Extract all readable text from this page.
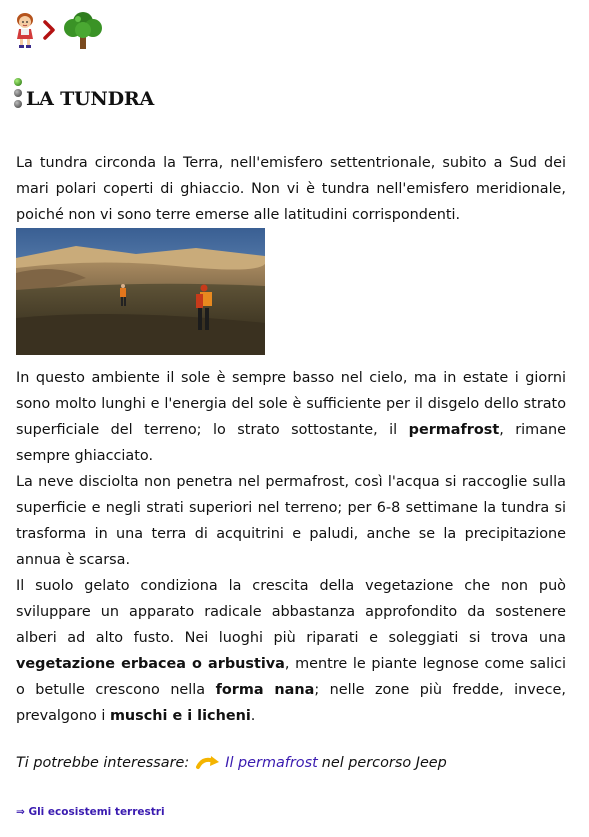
LA TUNDRA

La tundra circonda la Terra, nell'emisfero settentrionale, subito a Sud dei mari polari coperti di ghiaccio. Non vi è tundra nell'emisfero meridionale, poiché non vi sono terre emerse alle latitudini corrispondenti.

In questo ambiente il sole è sempre basso nel cielo, ma in estate i giorni sono molto lunghi e l'energia del sole è sufficiente per il disgelo dello strato superficiale del terreno; lo strato sottostante, il permafrost, rimane sempre ghiacciato.
La neve disciolta non penetra nel permafrost, così l'acqua si raccoglie sulla superficie e negli strati superiori nel terreno; per 6-8 settimane la tundra si trasforma in una terra di acquitrini e paludi, anche se la precipitazione annua è scarsa.
Il suolo gelato condiziona la crescita della vegetazione che non può sviluppare un apparato radicale abbastanza approfondito da sostenere alberi ad alto fusto. Nei luoghi più riparati e soleggiati si trova una vegetazione erbacea o arbustiva, mentre le piante legnose come salici o betulle crescono nella forma nana; nelle zone più fredde, invece, prevalgono i muschi e i licheni.
Ti potrebbe interessare:	Il permafrost nel percorso Jeep
⇒ Gli ecosistemi terrestri
